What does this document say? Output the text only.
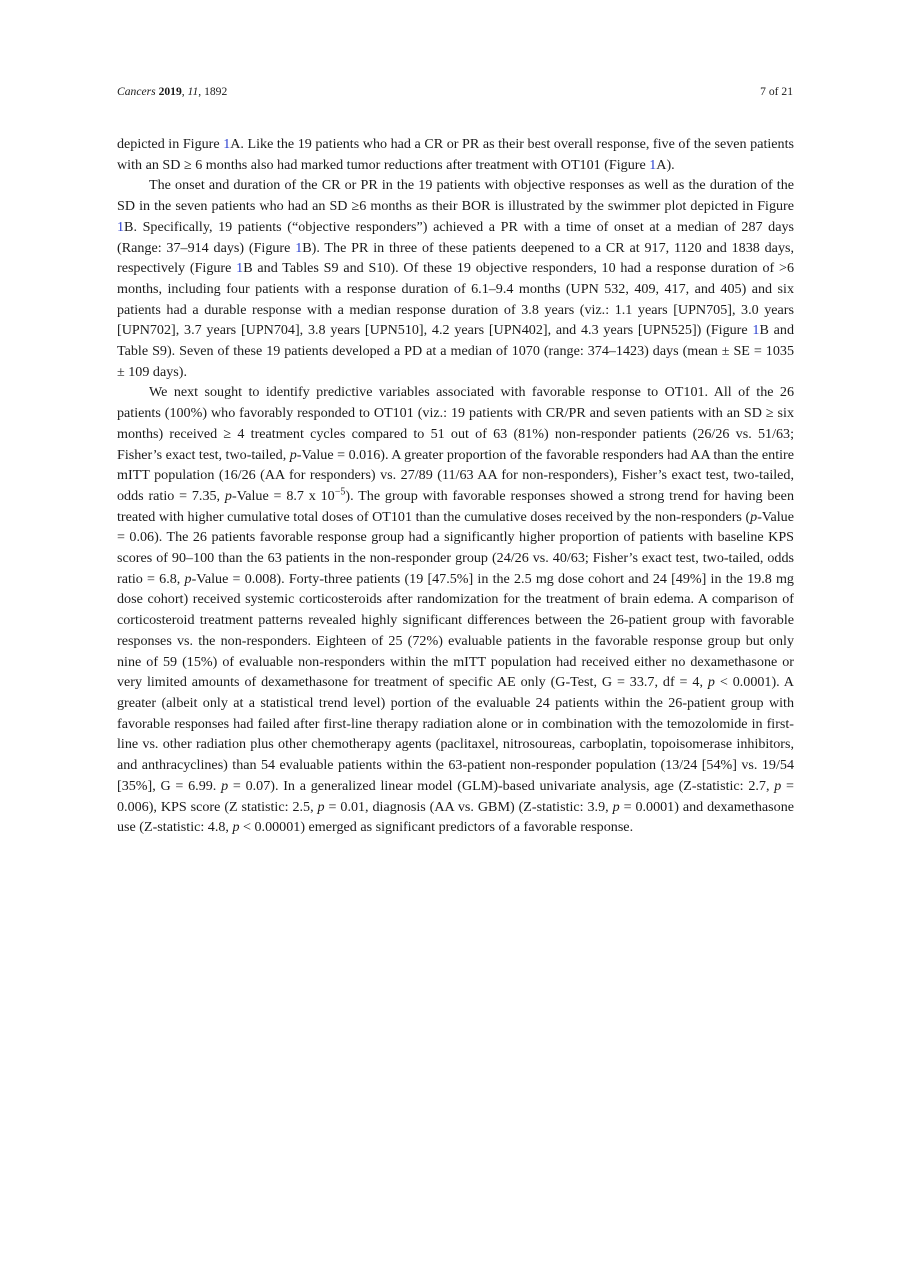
Cancers 2019, 11, 1892	7 of 21

depicted in Figure 1A. Like the 19 patients who had a CR or PR as their best overall response, five of the seven patients with an SD ≥ 6 months also had marked tumor reductions after treatment with OT101 (Figure 1A).

The onset and duration of the CR or PR in the 19 patients with objective responses as well as the duration of the SD in the seven patients who had an SD ≥6 months as their BOR is illustrated by the swimmer plot depicted in Figure 1B. Specifically, 19 patients (“objective responders”) achieved a PR with a time of onset at a median of 287 days (Range: 37–914 days) (Figure 1B). The PR in three of these patients deepened to a CR at 917, 1120 and 1838 days, respectively (Figure 1B and Tables S9 and S10). Of these 19 objective responders, 10 had a response duration of >6 months, including four patients with a response duration of 6.1–9.4 months (UPN 532, 409, 417, and 405) and six patients had a durable response with a median response duration of 3.8 years (viz.: 1.1 years [UPN705], 3.0 years [UPN702], 3.7 years [UPN704], 3.8 years [UPN510], 4.2 years [UPN402], and 4.3 years [UPN525]) (Figure 1B and Table S9). Seven of these 19 patients developed a PD at a median of 1070 (range: 374–1423) days (mean ± SE = 1035 ± 109 days).

We next sought to identify predictive variables associated with favorable response to OT101. All of the 26 patients (100%) who favorably responded to OT101 (viz.: 19 patients with CR/PR and seven patients with an SD ≥ six months) received ≥ 4 treatment cycles compared to 51 out of 63 (81%) non-responder patients (26/26 vs. 51/63; Fisher’s exact test, two-tailed, p-Value = 0.016). A greater proportion of the favorable responders had AA than the entire mITT population (16/26 (AA for responders) vs. 27/89 (11/63 AA for non-responders), Fisher’s exact test, two-tailed, odds ratio = 7.35, p-Value = 8.7 x $10^{-5}$). The group with favorable responses showed a strong trend for having been treated with higher cumulative total doses of OT101 than the cumulative doses received by the non-responders (p-Value = 0.06). The 26 patients favorable response group had a significantly higher proportion of patients with baseline KPS scores of 90–100 than the 63 patients in the non-responder group (24/26 vs. 40/63; Fisher’s exact test, two-tailed, odds ratio = 6.8, p-Value = 0.008). Forty-three patients (19 [47.5%] in the 2.5 mg dose cohort and 24 [49%] in the 19.8 mg dose cohort) received systemic corticosteroids after randomization for the treatment of brain edema. A comparison of corticosteroid treatment patterns revealed highly significant differences between the 26-patient group with favorable responses vs. the non-responders. Eighteen of 25 (72%) evaluable patients in the favorable response group but only nine of 59 (15%) of evaluable non-responders within the mITT population had received either no dexamethasone or very limited amounts of dexamethasone for treatment of specific AE only (G-Test, G = 33.7, df = 4, p < 0.0001). A greater (albeit only at a statistical trend level) portion of the evaluable 24 patients within the 26-patient group with favorable responses had failed after first-line therapy radiation alone or in combination with the temozolomide in first-line vs. other radiation plus other chemotherapy agents (paclitaxel, nitrosoureas, carboplatin, topoisomerase inhibitors, and anthracyclines) than 54 evaluable patients within the 63-patient non-responder population (13/24 [54%] vs. 19/54 [35%], G = 6.99. p = 0.07). In a generalized linear model (GLM)-based univariate analysis, age (Z-statistic: 2.7, p = 0.006), KPS score (Z statistic: 2.5, p = 0.01, diagnosis (AA vs. GBM) (Z-statistic: 3.9, p = 0.0001) and dexamethasone use (Z-statistic: 4.8, p < 0.00001) emerged as significant predictors of a favorable response.
